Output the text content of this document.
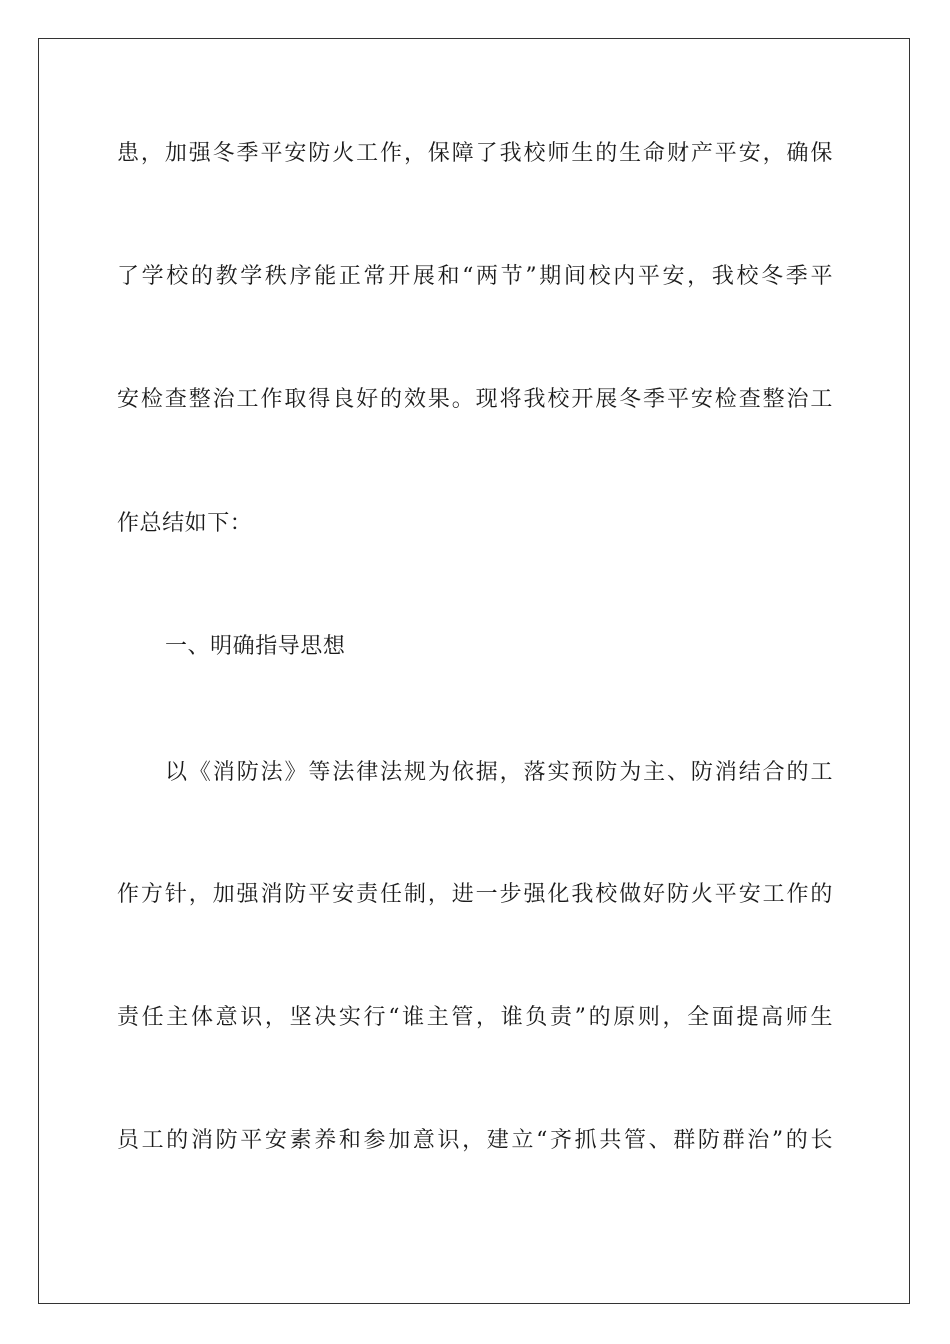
患，加强冬季平安防火工作，保障了我校师生的生命财产平安，确保
了学校的教学秩序能正常开展和“两节”期间校内平安，我校冬季平
安检查整治工作取得良好的效果。现将我校开展冬季平安检查整治工
作总结如下：
一、明确指导思想
以《消防法》等法律法规为依据，落实预防为主、防消结合的工
作方针，加强消防平安责任制，进一步强化我校做好防火平安工作的
责任主体意识，坚决实行“谁主管，谁负责”的原则，全面提高师生
员工的消防平安素养和参加意识，建立“齐抓共管、群防群治”的长
